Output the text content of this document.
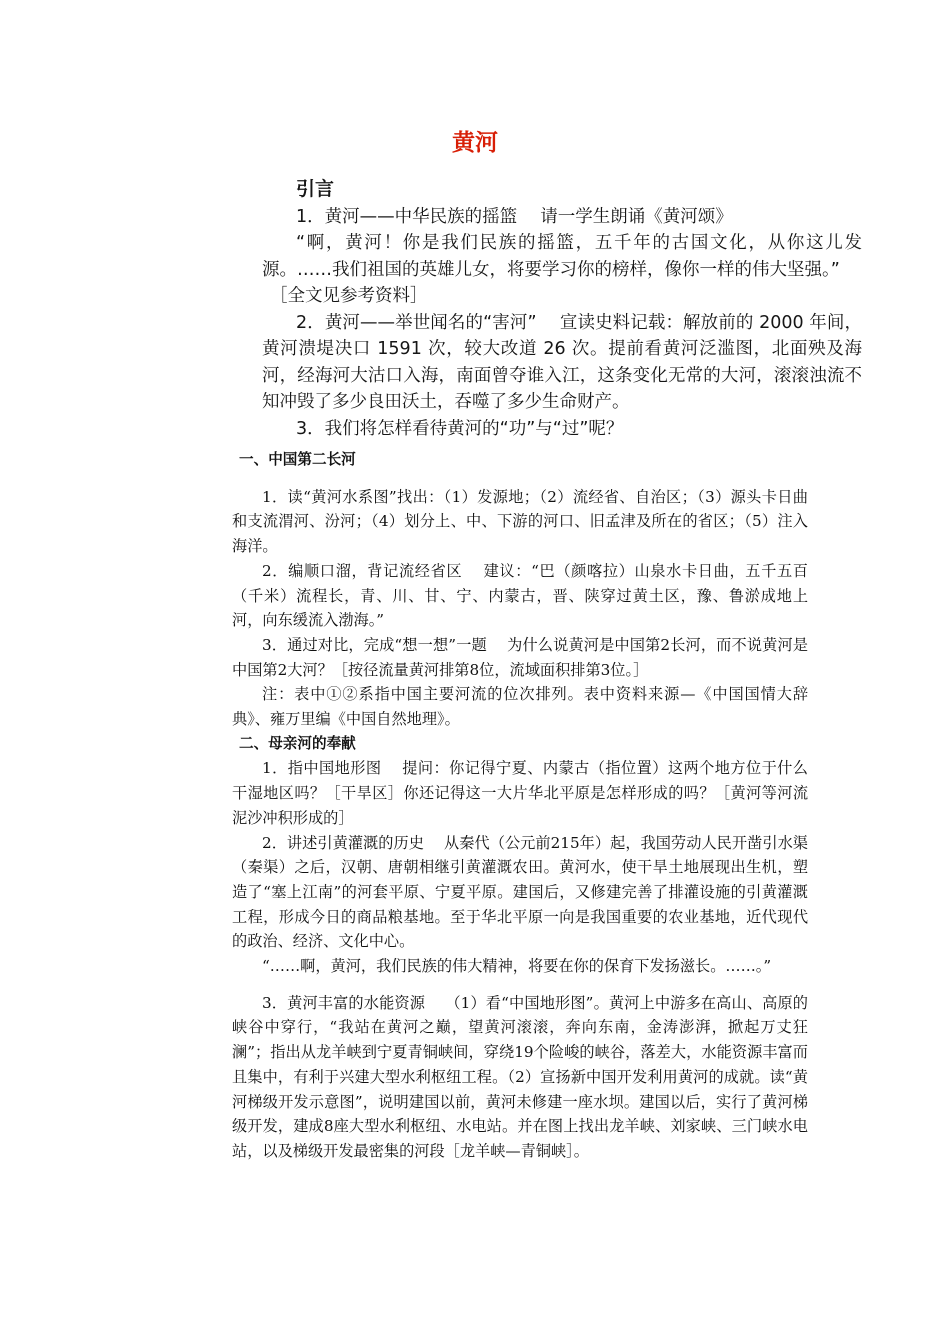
黄河
引言

1．黄河——中华民族的摇篮　 请一学生朗诵《黄河颂》

“啊，黄河！你是我们民族的摇篮，五千年的古国文化，从你这儿发源。……我们祖国的英雄儿女，将要学习你的榜样，像你一样的伟大坚强。”

［全文见参考资料］

2．黄河——举世闻名的“害河”　 宣读史料记载：解放前的 2000 年间，黄河溃堤决口 1591 次，较大改道 26 次。提前看黄河泛滥图，北面殃及海河，经海河大沽口入海，南面曾夺谁入江，这条变化无常的大河，滚滚浊流不知冲毁了多少良田沃土，吞噬了多少生命财产。

3．我们将怎样看待黄河的“功”与“过”呢？

一、中国第二长河

1．读“黄河水系图”找出：（1）发源地；（2）流经省、自治区；（3）源头卡日曲和支流渭河、汾河；（4）划分上、中、下游的河口、旧孟津及所在的省区；（5）注入海洋。

2．编顺口溜，背记流经省区　 建议：“巴（颜喀拉）山泉水卡日曲，五千五百（千米）流程长，青、川、甘、宁、内蒙古，晋、陕穿过黄土区，豫、鲁淤成地上河，向东缓流入渤海。”

3．通过对比，完成“想一想”一题　 为什么说黄河是中国第2长河，而不说黄河是中国第2大河？［按径流量黄河排第8位，流域面积排第3位。］

注：表中①②系指中国主要河流的位次排列。表中资料来源—《中国国情大辞典》、雍万里编《中国自然地理》。

二、母亲河的奉献

1．指中国地形图　 提问：你记得宁夏、内蒙古（指位置）这两个地方位于什么干湿地区吗？［干旱区］你还记得这一大片华北平原是怎样形成的吗？［黄河等河流泥沙冲积形成的］

2．讲述引黄灌溉的历史　 从秦代（公元前215年）起，我国劳动人民开凿引水渠（秦渠）之后，汉朝、唐朝相继引黄灌溉农田。黄河水，使干旱土地展现出生机，塑造了“塞上江南”的河套平原、宁夏平原。建国后，又修建完善了排灌设施的引黄灌溉工程，形成今日的商品粮基地。至于华北平原一向是我国重要的农业基地，近代现代的政治、经济、文化中心。

“……啊，黄河，我们民族的伟大精神，将要在你的保育下发扬滋长。……。”

3．黄河丰富的水能资源　 （1）看“中国地形图”。黄河上中游多在高山、高原的峡谷中穿行，“我站在黄河之巅，望黄河滚滚，奔向东南，金涛澎湃，掀起万丈狂澜”；指出从龙羊峡到宁夏青铜峡间，穿绕19个险峻的峡谷，落差大，水能资源丰富而且集中，有利于兴建大型水利枢纽工程。（2）宣扬新中国开发利用黄河的成就。读“黄河梯级开发示意图”，说明建国以前，黄河未修建一座水坝。建国以后，实行了黄河梯级开发，建成8座大型水利枢纽、水电站。并在图上找出龙羊峡、刘家峡、三门峡水电站，以及梯级开发最密集的河段［龙羊峡—青铜峡］。
